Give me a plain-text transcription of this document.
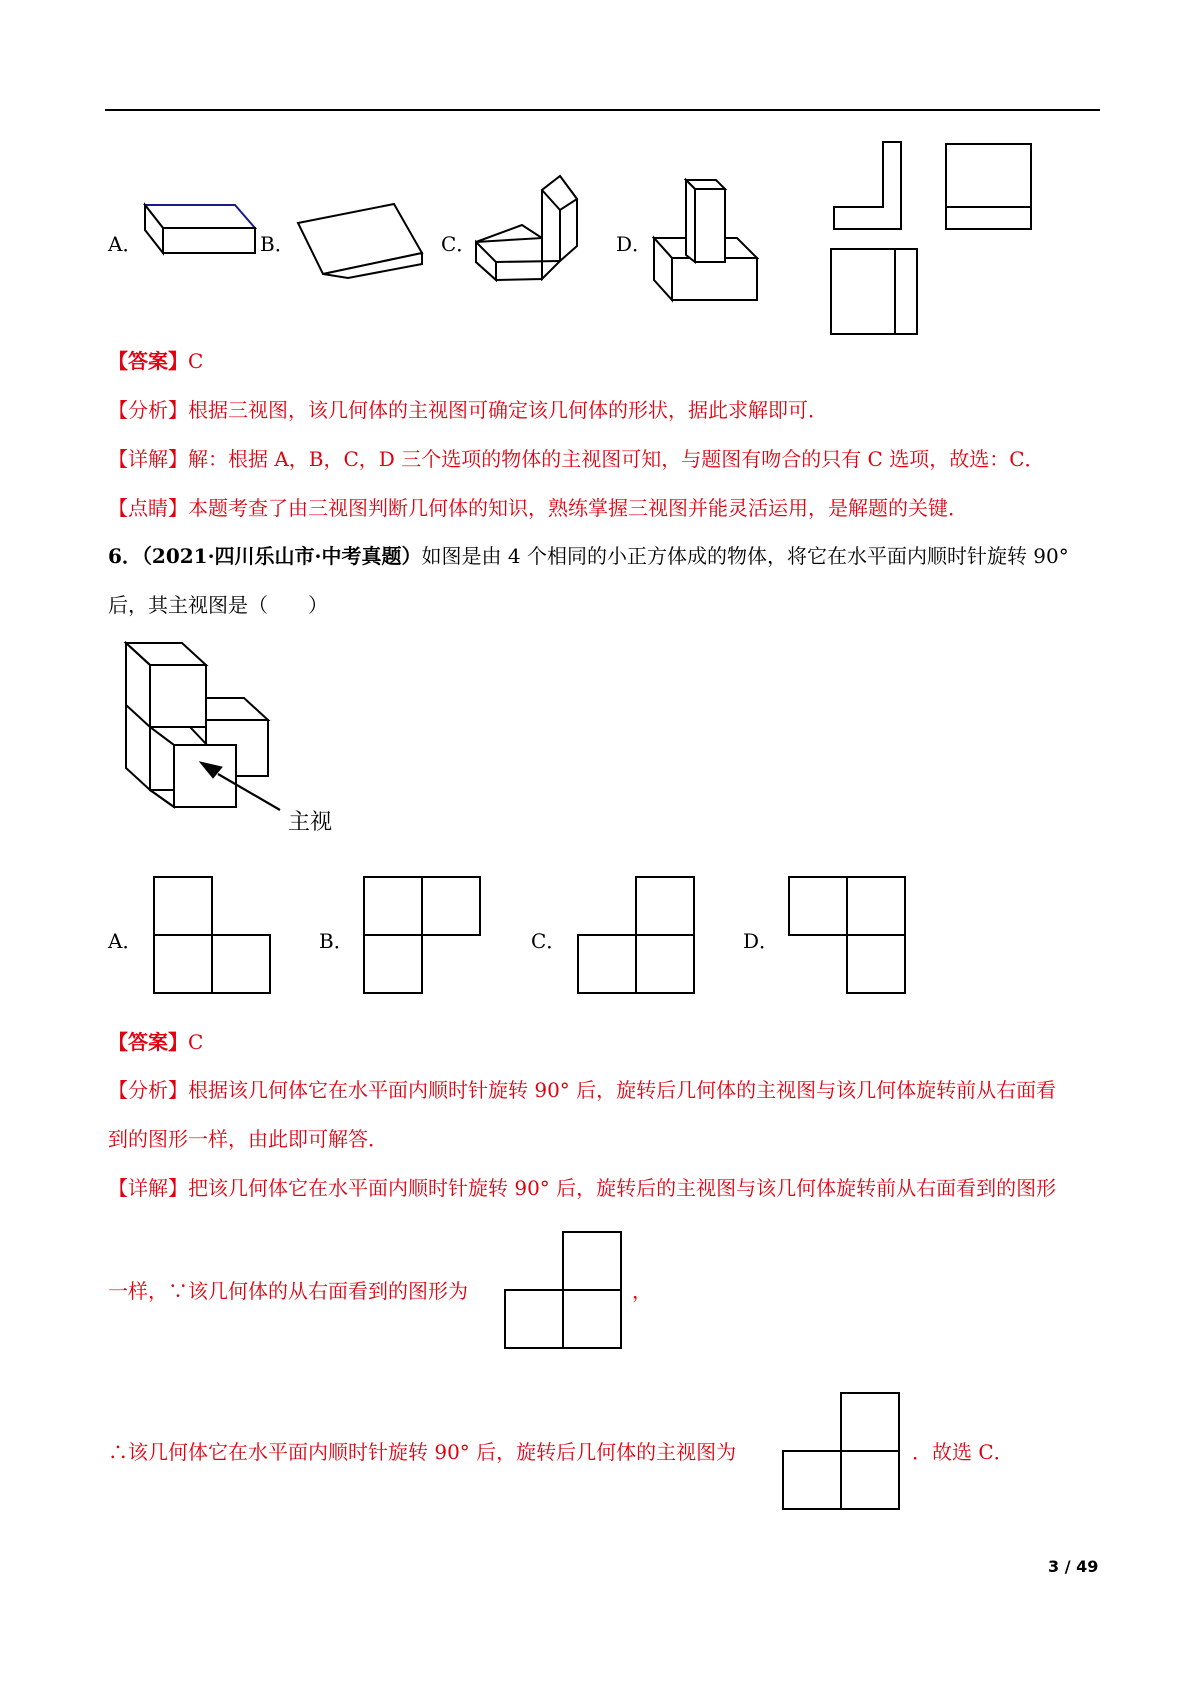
A．	B．	C．	D．
【答案】C
【分析】根据三视图，该几何体的主视图可确定该几何体的形状，据此求解即可．
【详解】解：根据 A，B，C，D 三个选项的物体的主视图可知，与题图有吻合的只有 C 选项，故选：C．
【点睛】本题考查了由三视图判断几何体的知识，熟练掌握三视图并能灵活运用，是解题的关键．
6．（2021·四川乐山市·中考真题）如图是由 4 个相同的小正方体成的物体，将它在水平面内顺时针旋转 90°
后，其主视图是（　　）
主视
A．	B．	C．	D．
【答案】C
【分析】根据该几何体它在水平面内顺时针旋转 90° 后，旋转后几何体的主视图与该几何体旋转前从右面看
到的图形一样，由此即可解答．
【详解】把该几何体它在水平面内顺时针旋转 90° 后，旋转后的主视图与该几何体旋转前从右面看到的图形
一样，∵该几何体的从右面看到的图形为	，
∴该几何体它在水平面内顺时针旋转 90° 后，旋转后几何体的主视图为	．故选 C．
3 / 49
